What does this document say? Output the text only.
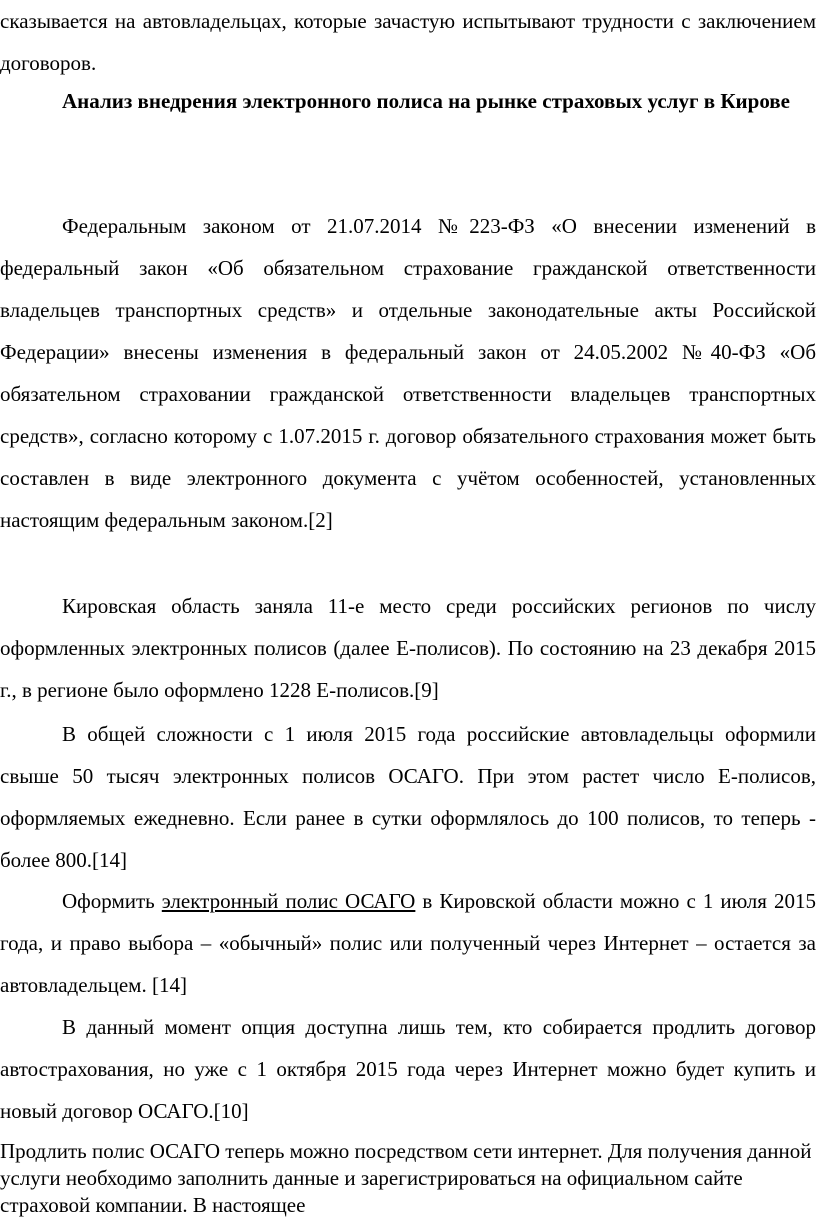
сказывается на автовладельцах, которые зачастую испытывают трудности с заключением договоров.

Анализ внедрения электронного полиса на рынке страховых услуг в Кирове

Федеральным законом от 21.07.2014 №223-ФЗ «О внесении изменений в федеральный закон «Об обязательном страхование гражданской ответственности владельцев транспортных средств» и отдельные законодательные акты Российской Федерации» внесены изменения в федеральный закон от 24.05.2002 №40-ФЗ «Об обязательном страховании гражданской ответственности владельцев транспортных средств», согласно которому с 1.07.2015 г. договор обязательного страхования может быть составлен в виде электронного документа с учётом особенностей, установленных настоящим федеральным законом.[2]

Кировская область заняла 11-е место среди российских регионов по числу оформленных электронных полисов (далее Е-полисов). По состоянию на 23 декабря 2015 г., в регионе было оформлено 1228 Е-полисов.[9]

В общей сложности с 1 июля 2015 года российские автовладельцы оформили свыше 50 тысяч электронных полисов ОСАГО. При этом растет число Е-полисов, оформляемых ежедневно. Если ранее в сутки оформлялось до 100 полисов, то теперь - более 800.[14]

Оформить электронный полис ОСАГО в Кировской области можно с 1 июля 2015 года, и право выбора – «обычный» полис или полученный через Интернет – остается за автовладельцем. [14]

В данный момент опция доступна лишь тем, кто собирается продлить договор автострахования, но уже с 1 октября 2015 года через Интернет можно будет купить и новый договор ОСАГО.[10]

Продлить полис ОСАГО теперь можно посредством сети интернет. Для получения данной услуги необходимо заполнить данные и зарегистрироваться на официальном сайте страховой компании. В настоящее
